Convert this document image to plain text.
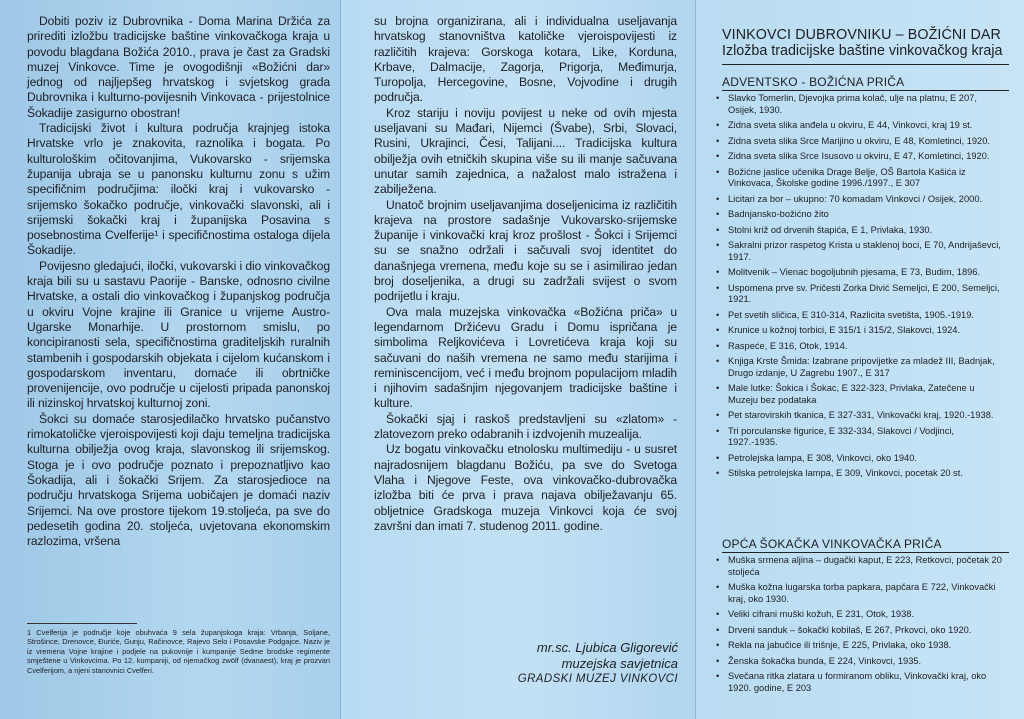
Dobiti poziv iz Dubrovnika - Doma Marina Držića za prirediti izložbu tradicijske baštine vinkovačkoga kraja u povodu blagdana Božića 2010., prava je čast za Gradski muzej Vinkovce. Time je ovogodišnji «Božićni dar» jednog od najljepšeg hrvatskog i svjetskog grada Dubrovnika i kulturno-povijesnih Vinkovaca - prijestolnice Šokadije zasigurno obostran!

Tradicijski život i kultura područja krajnjeg istoka Hrvatske vrlo je znakovita, raznolika i bogata. Po kulturološkim očitovanjima, Vukovarsko - srijemska županija ubraja se u panonsku kulturnu zonu s užim specifičnim područjima: iločki kraj i vukovarsko - srijemsko šokačko područje, vinkovački slavonski, ali i srijemski šokački kraj i županijska Posavina s posebnostima Cvelferije¹ i specifičnostima ostaloga dijela Šokadije.

Povijesno gledajući, iločki, vukovarski i dio vinkovačkog kraja bili su u sastavu Paorije - Banske, odnosno civilne Hrvatske, a ostali dio vinkovačkog i županjskog područja u okviru Vojne krajine ili Granice u vrijeme Austro-Ugarske Monarhije. U prostornom smislu, po koncipiranosti sela, specifičnostima graditeljskih ruralnih stambenih i gospodarskih objekata i cijelom kućanskom i gospodarskom inventaru, domaće ili obrtničke provenijencije, ovo područje u cijelosti pripada panonskoj ili nizinskoj hrvatskoj kulturnoj zoni.

Šokci su domaće starosjedilačko hrvatsko pučanstvo rimokatoličke vjeroispovijesti koji daju temeljna tradicijska kulturna obilježja ovog kraja, slavonskog ili srijemskog. Stoga je i ovo područje poznato i prepoznatljivo kao Šokadija, ali i šokački Srijem. Za starosjedioce na području hrvatskoga Srijema uobičajen je domaći naziv Srijemci. Na ove prostore tijekom 19.stoljeća, pa sve do pedesetih godina 20. stoljeća, uvjetovana ekonomskim razlozima, vršena

1 Cvelferija je područje koje obuhvaća 9 sela županjskoga kraja: Vrbanja, Soljane, Strošince, Drenovce, Đuriće, Gunju, Račinovce, Rajevo Selo i Posavske Podgajce. Naziv je iz vremena Vojne krajine i podjele na pukovnije i kumpanije Sedme brodske regimente smještene u Vinkovcima. Po 12. kumpaniji, od njemačkog zwölf (dvanaest), kraj je prozvan Cvelferijom, a njeni stanovnici Cvelferi.

su brojna organizirana, ali i individualna useljavanja hrvatskog stanovništva katoličke vjeroispovijesti iz različitih krajeva: Gorskoga kotara, Like, Korduna, Krbave, Dalmacije, Zagorja, Prigorja, Međimurja, Turopolja, Hercegovine, Bosne, Vojvodine i drugih područja.

Kroz stariju i noviju povijest u neke od ovih mjesta useljavani su Mađari, Nijemci (Švabe), Srbi, Slovaci, Rusini, Ukrajinci, Česi, Talijani.... Tradicijska kultura obilježja ovih etničkih skupina više su ili manje sačuvana unutar samih zajednica, a nažalost malo istražena i zabilježena.

Unatoč brojnim useljavanjima doseljenicima iz različitih krajeva na prostore sadašnje Vukovarsko-srijemske županije i vinkovački kraj kroz prošlost - Šokci i Srijemci su se snažno održali i sačuvali svoj identitet do današnjega vremena, među koje su se i asimilirao jedan broj doseljenika, a drugi su zadržali svijest o svom podrijetlu i kraju.

Ova mala muzejska vinkovačka «Božićna priča» u legendarnom Držićevu Gradu i Domu ispričana je simbolima Reljkovićeva i Lovretićeva kraja koji su sačuvani do naših vremena ne samo među starijima i reminiscencijom, već i među brojnom populacijom mladih i njihovim sadašnjim njegovanjem tradicijske baštine i kulture.

Šokački sjaj i raskoš predstavljeni su «zlatom» - zlatovezom preko odabranih i izdvojenih muzealija.

Uz bogatu vinkovačku etnolosku multimediju - u susret najradosnijem blagdanu Božiću, pa sve do Svetoga Vlaha i Njegove Feste, ova vinkovačko-dubrovačka izložba biti će prva i prava najava obilježavanju 65. obljetnice Gradskoga muzeja Vinkovci koja će svoj završni dan imati 7. studenog 2011. godine.

mr.sc. Ljubica Gligorević
muzejska savjetnica
GRADSKI MUZEJ VINKOVCI
VINKOVCI DUBROVNIKU – BOŽIĆNI DAR
Izložba tradicijske baštine vinkovačkog kraja
ADVENTSKO - BOŽIĆNA PRIČA
• Slavko Tomerlin, Djevojka prima kolač, ulje na platnu, E 207, Osijek, 1930.
• Zidna sveta slika anđela u okviru, E 44, Vinkovci, kraj 19 st.
• Zidna sveta slika Srce Marijino u okviru, E 48, Komletinci, 1920.
• Zidna sveta slika Srce Isusovo u okviru, E 47, Komletinci, 1920.
• Božićne jaslice učenika Drage Belje, OŠ Bartola Kašića iz Vinkovaca, Školske godine 1996./1997., E 307
• Licitari za bor – ukupno: 70 komadam Vinkovci / Osijek, 2000.
• Badnjansko-božićno žito
• Stolni križ od drvenih štapića, E 1, Privlaka, 1930.
• Sakralni prizor raspetog Krista u staklenoj boci, E 70, Andrijaševci, 1917.
• Molitvenik – Vienac bogoljubnih pjesama, E 73, Budim, 1896.
• Uspomena prve sv. Pričesti Zorka Divić Semeljci, E 200, Semeljci, 1921.
• Pet svetih sličica, E 310-314, Razlicita svetišta, 1905.-1919.
• Krunice u kožnoj torbici, E 315/1 i 315/2, Slakovci, 1924.
• Raspeće, E 316, Otok, 1914.
• Knjiga Krste Šmida: Izabrane pripovijetke za mladež III, Badnjak, Drugo izdanje, U Zagrebu 1907., E 317
• Male lutke: Šokica i Šokac, E 322-323, Privlaka, Zatečene u Muzeju bez podataka
• Pet starovirskih tkanica, E 327-331, Vinkovački kraj, 1920.-1938.
• Tri porculanske figurice, E 332-334, Slakovci / Vodjinci, 1927.-1935.
• Petrolejska lampa, E 308, Vinkovci, oko 1940.
• Stilska petrolejska lampa, E 309, Vinkovci, pocetak 20 st.
OPĆA ŠOKAČKA VINKOVAČKA PRIČA
• Muška srmena aljina – dugački kaput, E 223, Retkovci, početak 20 stoljeća
• Muška kožna lugarska torba papkara, papčara E 722, Vinkovački kraj, oko 1930.
• Veliki cifrani muški kožuh, E 231, Otok, 1938.
• Drveni sanduk – šokački kobilaš, E 267, Prkovci, oko 1920.
• Rekla na jabučice ili trišnje, E 225, Privlaka, oko 1938.
• Ženska šokačka bunda, E 224, Vinkovci, 1935.
• Svečana ritka zlatara u formiranom obliku, Vinkovački kraj, oko 1920. godine, E 203
